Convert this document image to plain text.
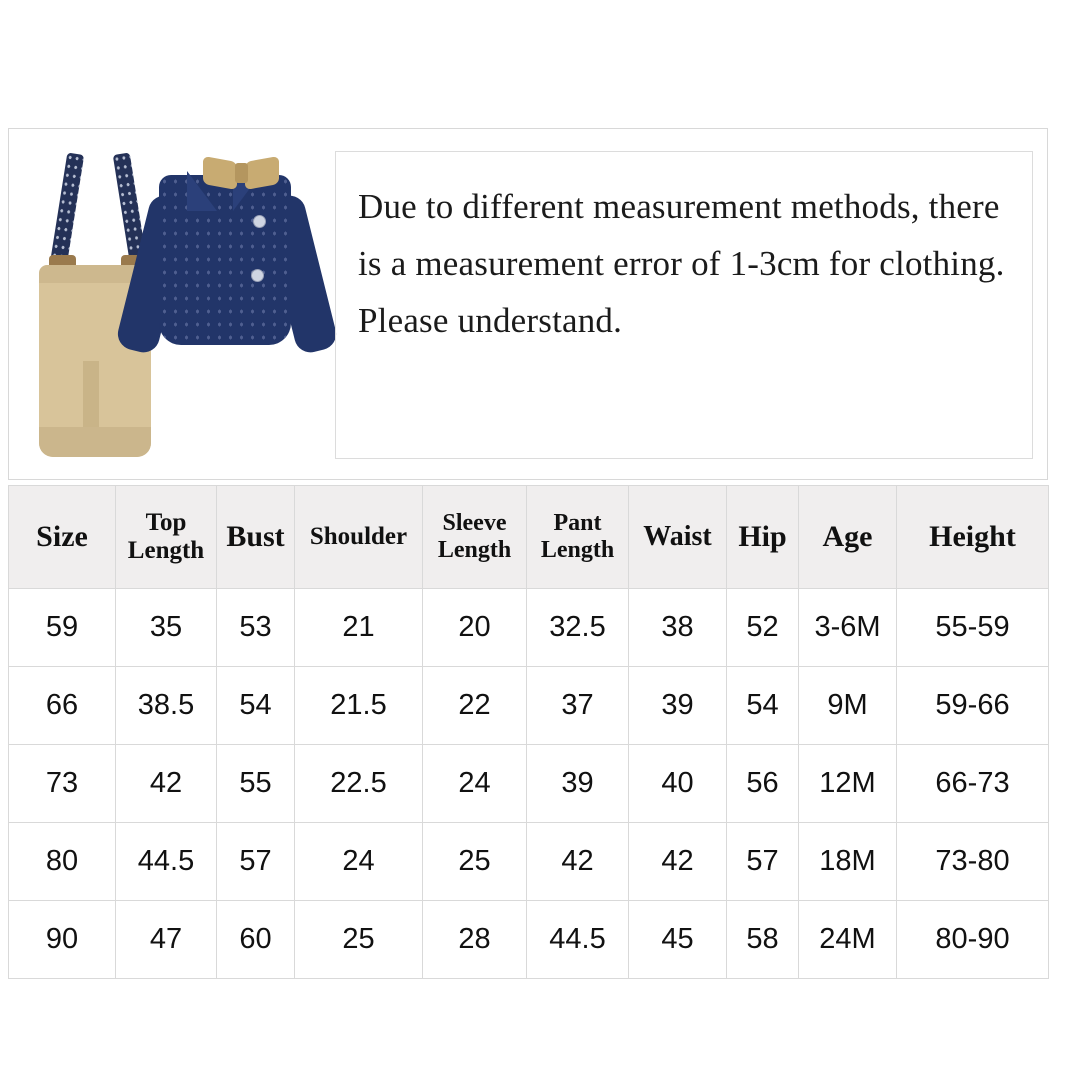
Due to different measurement methods, there is a measurement error of 1-3cm for clothing. Please understand.
Size	Top Length	Bust	Shoulder	Sleeve Length	Pant Length	Waist	Hip	Age	Height
59	35	53	21	20	32.5	38	52	3-6M	55-59
66	38.5	54	21.5	22	37	39	54	9M	59-66
73	42	55	22.5	24	39	40	56	12M	66-73
80	44.5	57	24	25	42	42	57	18M	73-80
90	47	60	25	28	44.5	45	58	24M	80-90
